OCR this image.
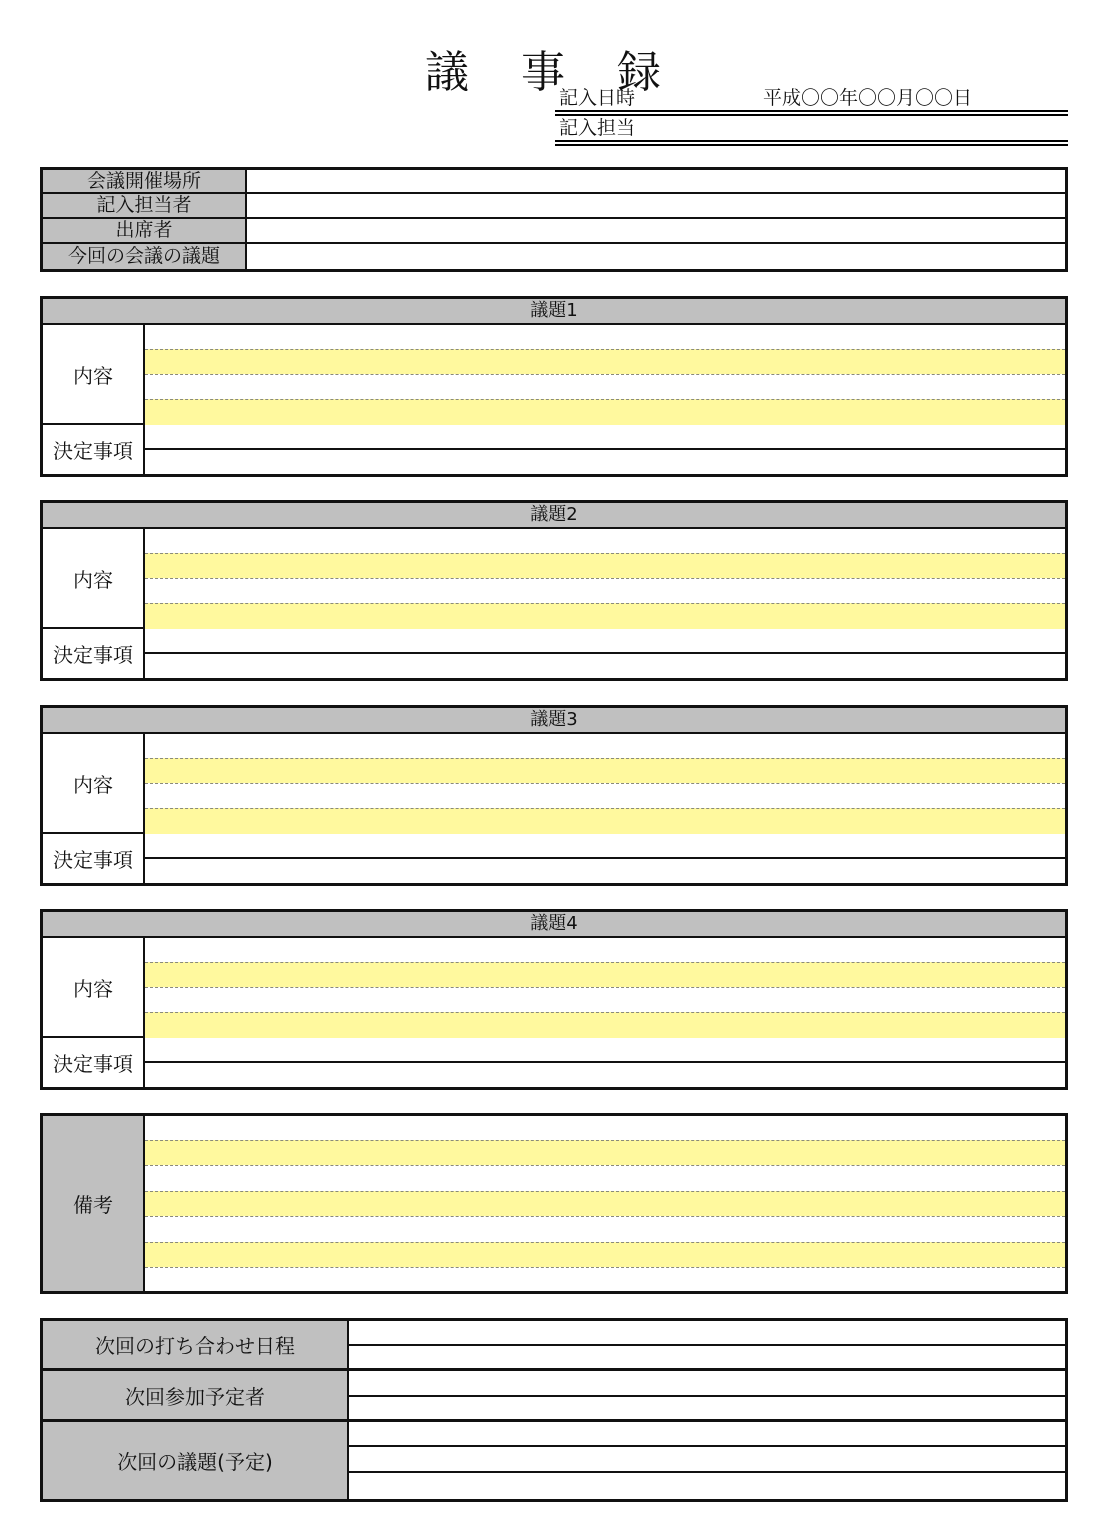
議 事 録
記入日時	平成〇〇年〇〇月〇〇日
記入担当
会議開催場所
記入担当者
出席者
今回の会議の議題
議題1
内容
決定事項
議題2
内容
決定事項
議題3
内容
決定事項
議題4
内容
決定事項
備考
次回の打ち合わせ日程
次回参加予定者
次回の議題(予定)
